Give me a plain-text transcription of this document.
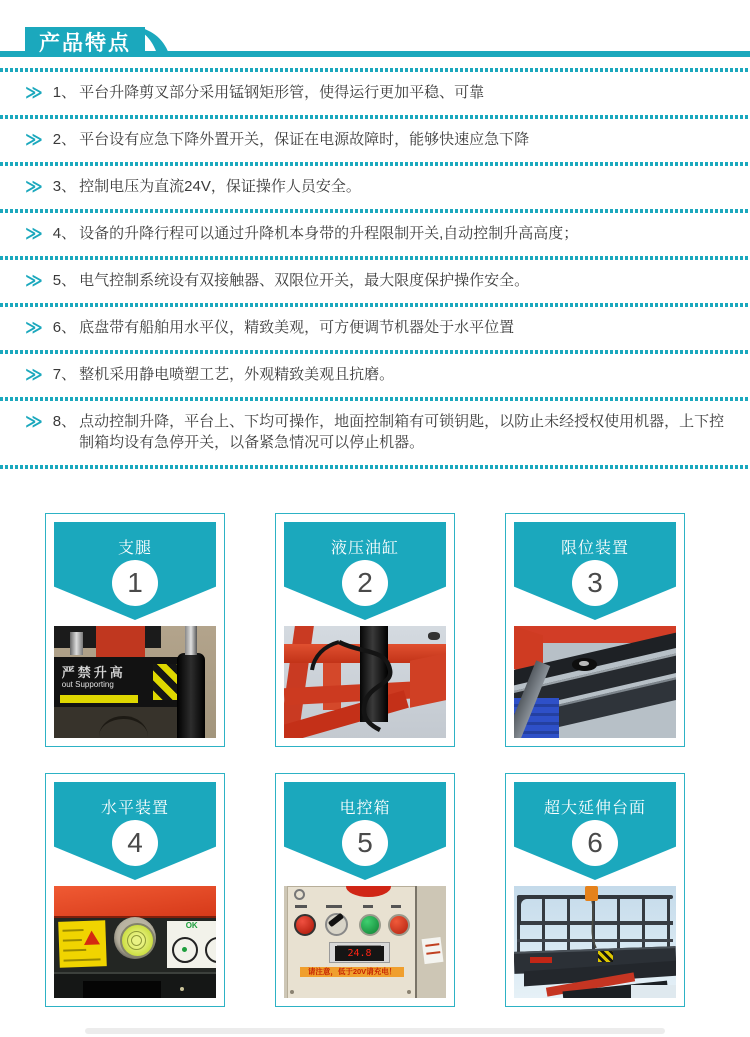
产品特点
≫ 1、 平台升降剪叉部分采用锰钢矩形管，使得运行更加平稳、可靠
≫ 2、 平台设有应急下降外置开关，保证在电源故障时，能够快速应急下降
≫ 3、 控制电压为直流24V，保证操作人员安全。
≫ 4、 设备的升降行程可以通过升降机本身带的升程限制开关,自动控制升高高度；
≫ 5、 电气控制系统设有双接触器、双限位开关，最大限度保护操作安全。
≫ 6、 底盘带有船舶用水平仪，精致美观，可方便调节机器处于水平位置
≫ 7、 整机采用静电喷塑工艺，外观精致美观且抗磨。
≫ 8、 点动控制升降，平台上、下均可操作，地面控制箱有可锁钥匙，以防止未经授权使用机器，上下控制箱均设有急停开关，以备紧急情况可以停止机器。
支腿
1
严禁升高
out Supporting
液压油缸
2
限位装置
3
水平装置
4
OK
电控箱
5
24.8
请注意，低于20V请充电！
超大延伸台面
6
